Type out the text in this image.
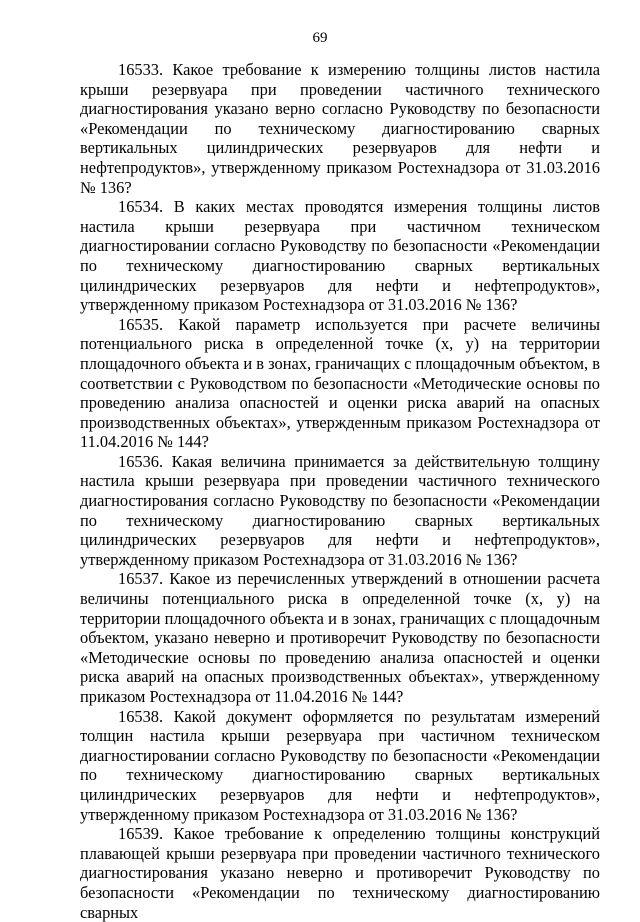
69

16533. Какое требование к измерению толщины листов настила крыши резервуара при проведении частичного технического диагностирования указано верно согласно Руководству по безопасности «Рекомендации по техническому диагностированию сварных вертикальных цилиндрических резервуаров для нефти и нефтепродуктов», утвержденному приказом Ростехнадзора от 31.03.2016 № 136?

16534. В каких местах проводятся измерения толщины листов настила крыши резервуара при частичном техническом диагностировании согласно Руководству по безопасности «Рекомендации по техническому диагностированию сварных вертикальных цилиндрических резервуаров для нефти и нефтепродуктов», утвержденному приказом Ростехнадзора от 31.03.2016 № 136?

16535. Какой параметр используется при расчете величины потенциального риска в определенной точке (x, y) на территории площадочного объекта и в зонах, граничащих с площадочным объектом, в соответствии с Руководством по безопасности «Методические основы по проведению анализа опасностей и оценки риска аварий на опасных производственных объектах», утвержденным приказом Ростехнадзора от 11.04.2016 № 144?

16536. Какая величина принимается за действительную толщину настила крыши резервуара при проведении частичного технического диагностирования согласно Руководству по безопасности «Рекомендации по техническому диагностированию сварных вертикальных цилиндрических резервуаров для нефти и нефтепродуктов», утвержденному приказом Ростехнадзора от 31.03.2016 № 136?

16537. Какое из перечисленных утверждений в отношении расчета величины потенциального риска в определенной точке (x, y) на территории площадочного объекта и в зонах, граничащих с площадочным объектом, указано неверно и противоречит Руководству по безопасности «Методические основы по проведению анализа опасностей и оценки риска аварий на опасных производственных объектах», утвержденному приказом Ростехнадзора от 11.04.2016 № 144?

16538. Какой документ оформляется по результатам измерений толщин настила крыши резервуара при частичном техническом диагностировании согласно Руководству по безопасности «Рекомендации по техническому диагностированию сварных вертикальных цилиндрических резервуаров для нефти и нефтепродуктов», утвержденному приказом Ростехнадзора от 31.03.2016 № 136?

16539. Какое требование к определению толщины конструкций плавающей крыши резервуара при проведении частичного технического диагностирования указано неверно и противоречит Руководству по безопасности «Рекомендации по техническому диагностированию сварных
